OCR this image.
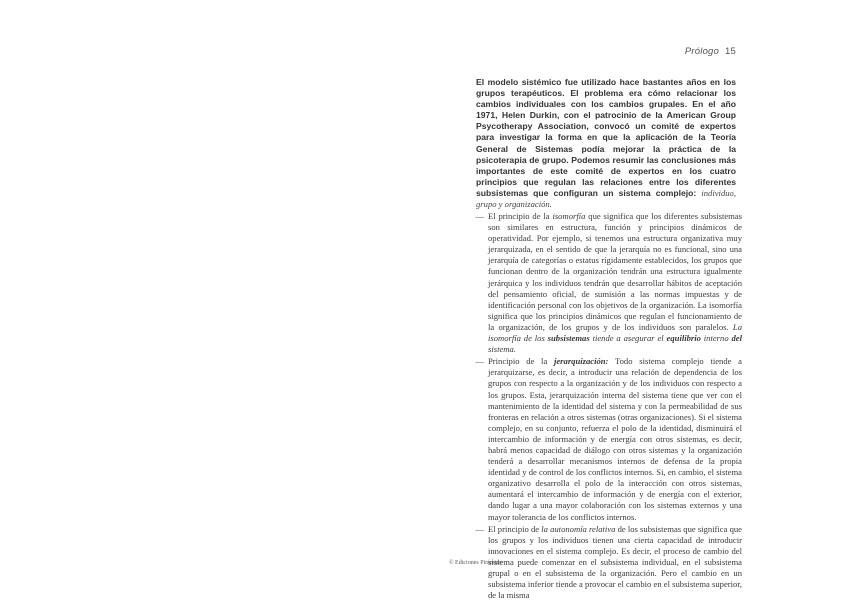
Prólogo 15

El modelo sistémico fue utilizado hace bastantes años en los grupos terapéuticos. El problema era cómo relacionar los cambios individuales con los cambios grupales. En el año 1971, Helen Durkin, con el patrocinio de la American Group Psycotherapy Association, convocó un comité de expertos para investigar la forma en que la aplicación de la Teoría General de Sistemas podía mejorar la práctica de la psicoterapia de grupo. Podemos resumir las conclusiones más importantes de este comité de expertos en los cuatro principios que regulan las relaciones entre los diferentes subsistemas que configuran un sistema complejo: individuo, grupo y organización.

— El principio de la isomorfía que significa que los diferentes subsistemas son similares en estructura, función y principios dinámicos de operatividad. Por ejemplo, si tenemos una estructura organizativa muy jerarquizada, en el sentido de que la jerarquía no es funcional, sino una jerarquía de categorías o estatus rígidamente establecidos, los grupos que funcionan dentro de la organización tendrán una estructura igualmente jerárquica y los individuos tendrán que desarrollar hábitos de aceptación del pensamiento oficial, de sumisión a las normas impuestas y de identificación personal con los objetivos de la organización. La isomorfía significa que los principios dinámicos que regulan el funcionamiento de la organización, de los grupos y de los individuos son paralelos. La isomorfía de los subsistemas tiende a asegurar el equilibrio interno del sistema.
— Principio de la jerarquización: Todo sistema complejo tiende a jerarquizarse, es decir, a introducir una relación de dependencia de los grupos con respecto a la organización y de los individuos con respecto a los grupos. Esta, jerarquización interna del sistema tiene que ver con el mantenimiento de la identidad del sistema y con la permeabilidad de sus fronteras en relación a otros sistemas (otras organizaciones). Si el sistema complejo, en su conjunto, refuerza el polo de la identidad, disminuirá el intercambio de información y de energía con otros sistemas, es decir, habrá menos capacidad de diálogo con otros sistemas y la organización tenderá a desarrollar mecanismos internos de defensa de la propia identidad y de control de los conflictos internos. Si, en cambio, el sistema organizativo desarrolla el polo de la interacción con otros sistemas, aumentará el intercambio de información y de energía con el exterior, dando lugar a una mayor colaboración con los sistemas externos y una mayor tolerancia de los conflictos internos.
— El principio de la autonomía relativa de los subsistemas que significa que los grupos y los individuos tienen una cierta capacidad de introducir innovaciones en el sistema complejo. Es decir, el proceso de cambio del sistema puede comenzar en el subsistema individual, en el subsistema grupal o en el subsistema de la organización. Pero el cambio en un subsistema inferior tiende a provocar el cambio en el subsistema superior, de la misma
© Ediciones Pirámide
